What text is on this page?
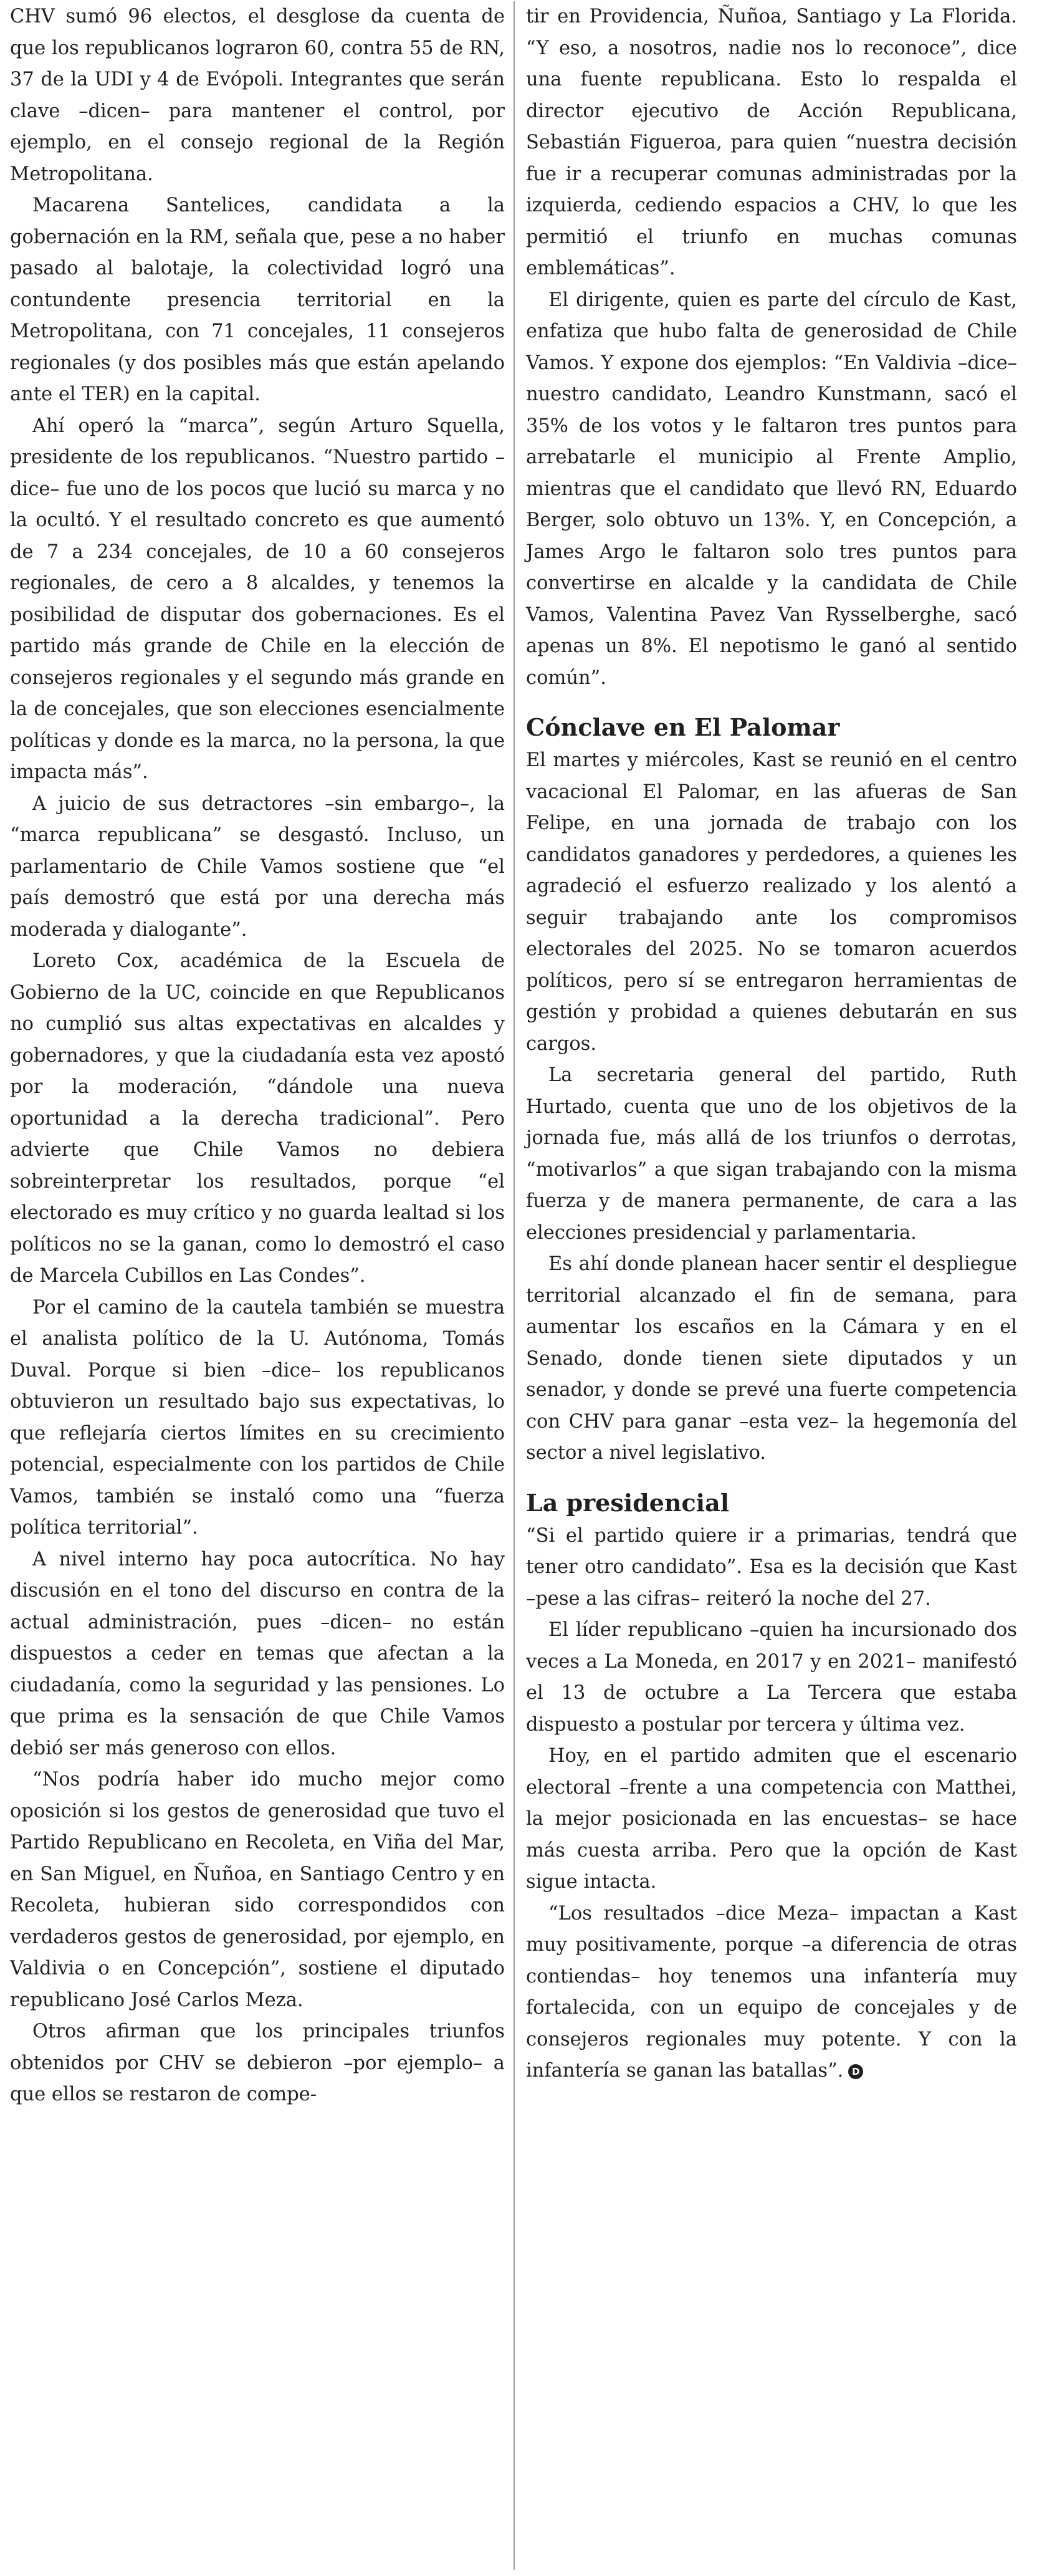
CHV sumó 96 electos, el desglose da cuenta de que los republicanos lograron 60, contra 55 de RN, 37 de la UDI y 4 de Evópoli. Integrantes que serán clave –dicen– para mantener el control, por ejemplo, en el consejo regional de la Región Metropolitana.

Macarena Santelices, candidata a la gobernación en la RM, señala que, pese a no haber pasado al balotaje, la colectividad logró una contundente presencia territorial en la Metropolitana, con 71 concejales, 11 consejeros regionales (y dos posibles más que están apelando ante el TER) en la capital.

Ahí operó la “marca”, según Arturo Squella, presidente de los republicanos. “Nuestro partido –dice– fue uno de los pocos que lució su marca y no la ocultó. Y el resultado concreto es que aumentó de 7 a 234 concejales, de 10 a 60 consejeros regionales, de cero a 8 alcaldes, y tenemos la posibilidad de disputar dos gobernaciones. Es el partido más grande de Chile en la elección de consejeros regionales y el segundo más grande en la de concejales, que son elecciones esencialmente políticas y donde es la marca, no la persona, la que impacta más”.

A juicio de sus detractores –sin embargo–, la “marca republicana” se desgastó. Incluso, un parlamentario de Chile Vamos sostiene que “el país demostró que está por una derecha más moderada y dialogante”.

Loreto Cox, académica de la Escuela de Gobierno de la UC, coincide en que Republicanos no cumplió sus altas expectativas en alcaldes y gobernadores, y que la ciudadanía esta vez apostó por la moderación, “dándole una nueva oportunidad a la derecha tradicional”. Pero advierte que Chile Vamos no debiera sobreinterpretar los resultados, porque “el electorado es muy crítico y no guarda lealtad si los políticos no se la ganan, como lo demostró el caso de Marcela Cubillos en Las Condes”.

Por el camino de la cautela también se muestra el analista político de la U. Autónoma, Tomás Duval. Porque si bien –dice– los republicanos obtuvieron un resultado bajo sus expectativas, lo que reflejaría ciertos límites en su crecimiento potencial, especialmente con los partidos de Chile Vamos, también se instaló como una “fuerza política territorial”.

A nivel interno hay poca autocrítica. No hay discusión en el tono del discurso en contra de la actual administración, pues –dicen– no están dispuestos a ceder en temas que afectan a la ciudadanía, como la seguridad y las pensiones. Lo que prima es la sensación de que Chile Vamos debió ser más generoso con ellos.

“Nos podría haber ido mucho mejor como oposición si los gestos de generosidad que tuvo el Partido Republicano en Recoleta, en Viña del Mar, en San Miguel, en Ñuñoa, en Santiago Centro y en Recoleta, hubieran sido correspondidos con verdaderos gestos de generosidad, por ejemplo, en Valdivia o en Concepción”, sostiene el diputado republicano José Carlos Meza.

Otros afirman que los principales triunfos obtenidos por CHV se debieron –por ejemplo– a que ellos se restaron de compe-

tir en Providencia, Ñuñoa, Santiago y La Florida. “Y eso, a nosotros, nadie nos lo reconoce”, dice una fuente republicana. Esto lo respalda el director ejecutivo de Acción Republicana, Sebastián Figueroa, para quien “nuestra decisión fue ir a recuperar comunas administradas por la izquierda, cediendo espacios a CHV, lo que les permitió el triunfo en muchas comunas emblemáticas”.

El dirigente, quien es parte del círculo de Kast, enfatiza que hubo falta de generosidad de Chile Vamos. Y expone dos ejemplos: “En Valdivia –dice– nuestro candidato, Leandro Kunstmann, sacó el 35% de los votos y le faltaron tres puntos para arrebatarle el municipio al Frente Amplio, mientras que el candidato que llevó RN, Eduardo Berger, solo obtuvo un 13%. Y, en Concepción, a James Argo le faltaron solo tres puntos para convertirse en alcalde y la candidata de Chile Vamos, Valentina Pavez Van Rysselberghe, sacó apenas un 8%. El nepotismo le ganó al sentido común”.

Cónclave en El Palomar

El martes y miércoles, Kast se reunió en el centro vacacional El Palomar, en las afueras de San Felipe, en una jornada de trabajo con los candidatos ganadores y perdedores, a quienes les agradeció el esfuerzo realizado y los alentó a seguir trabajando ante los compromisos electorales del 2025. No se tomaron acuerdos políticos, pero sí se entregaron herramientas de gestión y probidad a quienes debutarán en sus cargos.

La secretaria general del partido, Ruth Hurtado, cuenta que uno de los objetivos de la jornada fue, más allá de los triunfos o derrotas, “motivarlos” a que sigan trabajando con la misma fuerza y de manera permanente, de cara a las elecciones presidencial y parlamentaria.

Es ahí donde planean hacer sentir el despliegue territorial alcanzado el fin de semana, para aumentar los escaños en la Cámara y en el Senado, donde tienen siete diputados y un senador, y donde se prevé una fuerte competencia con CHV para ganar –esta vez– la hegemonía del sector a nivel legislativo.

La presidencial

“Si el partido quiere ir a primarias, tendrá que tener otro candidato”. Esa es la decisión que Kast –pese a las cifras– reiteró la noche del 27.

El líder republicano –quien ha incursionado dos veces a La Moneda, en 2017 y en 2021– manifestó el 13 de octubre a La Tercera que estaba dispuesto a postular por tercera y última vez.

Hoy, en el partido admiten que el escenario electoral –frente a una competencia con Matthei, la mejor posicionada en las encuestas– se hace más cuesta arriba. Pero que la opción de Kast sigue intacta.

“Los resultados –dice Meza– impactan a Kast muy positivamente, porque –a diferencia de otras contiendas– hoy tenemos una infantería muy fortalecida, con un equipo de concejales y de consejeros regionales muy potente. Y con la infantería se ganan las batallas”. D
